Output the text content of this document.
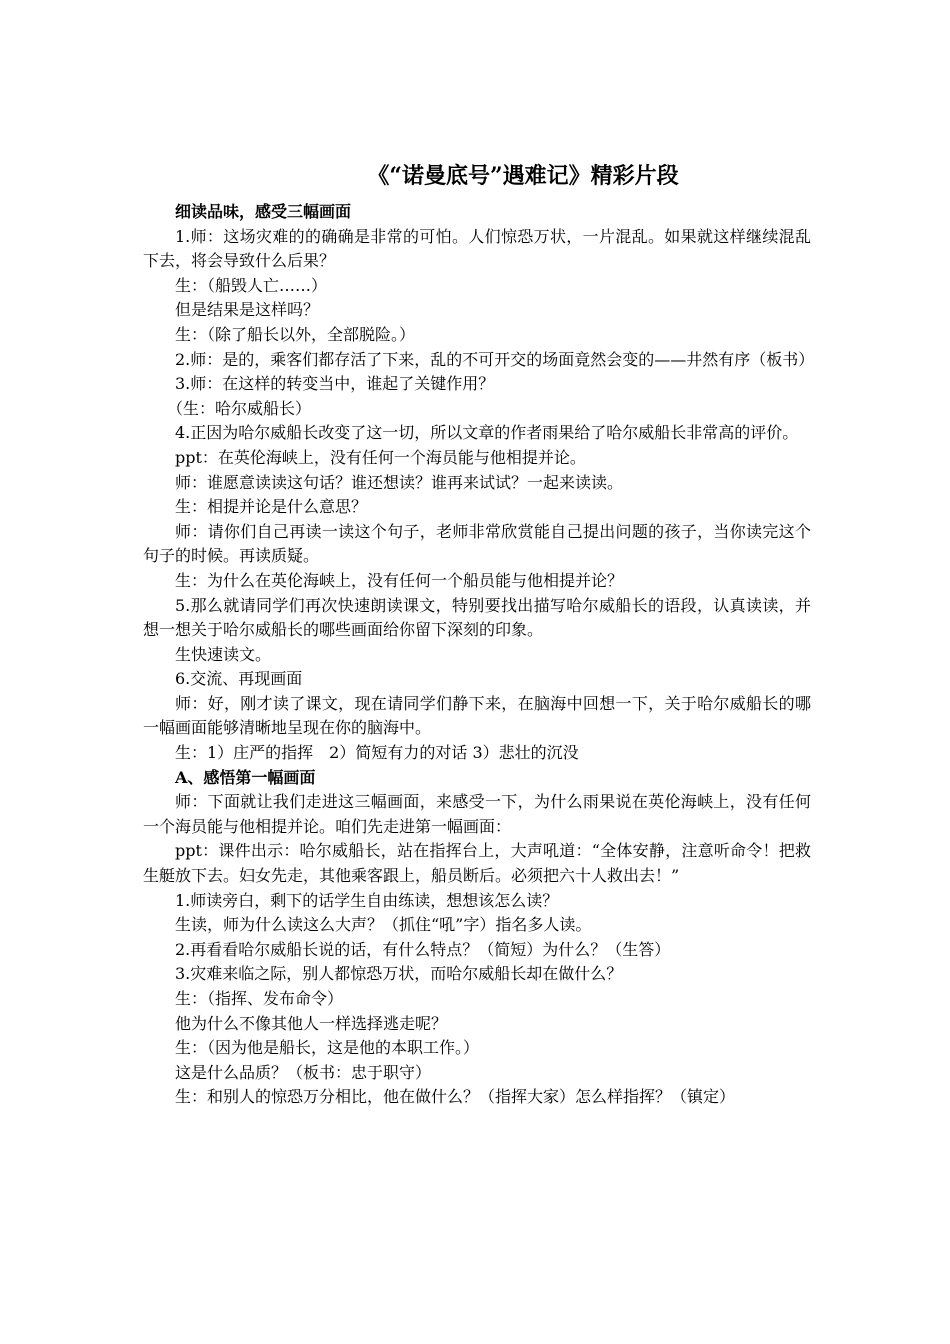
《“诺曼底号”遇难记》精彩片段

细读品味，感受三幅画面

1.师：这场灾难的的确确是非常的可怕。人们惊恐万状，一片混乱。如果就这样继续混乱下去，将会导致什么后果？

生：（船毁人亡……）

但是结果是这样吗？

生：（除了船长以外，全部脱险。）

2.师：是的，乘客们都存活了下来，乱的不可开交的场面竟然会变的——井然有序（板书）

3.师：在这样的转变当中，谁起了关键作用？

（生：哈尔威船长）

4.正因为哈尔威船长改变了这一切，所以文章的作者雨果给了哈尔威船长非常高的评价。

ppt：在英伦海峡上，没有任何一个海员能与他相提并论。

师：谁愿意读读这句话？谁还想读？谁再来试试？一起来读读。

生：相提并论是什么意思？

师：请你们自己再读一读这个句子，老师非常欣赏能自己提出问题的孩子，当你读完这个句子的时候。再读质疑。

生：为什么在英伦海峡上，没有任何一个船员能与他相提并论？

5.那么就请同学们再次快速朗读课文，特别要找出描写哈尔威船长的语段，认真读读，并想一想关于哈尔威船长的哪些画面给你留下深刻的印象。

生快速读文。

6.交流、再现画面

师：好，刚才读了课文，现在请同学们静下来，在脑海中回想一下，关于哈尔威船长的哪一幅画面能够清晰地呈现在你的脑海中。

生：1）庄严的指挥　2）简短有力的对话 3）悲壮的沉没

A、感悟第一幅画面

师：下面就让我们走进这三幅画面，来感受一下，为什么雨果说在英伦海峡上，没有任何一个海员能与他相提并论。咱们先走进第一幅画面：

ppt：课件出示：哈尔威船长，站在指挥台上，大声吼道：“全体安静，注意听命令！把救生艇放下去。妇女先走，其他乘客跟上，船员断后。必须把六十人救出去！”

1.师读旁白，剩下的话学生自由练读，想想该怎么读？

生读，师为什么读这么大声？（抓住“吼”字）指名多人读。

2.再看看哈尔威船长说的话，有什么特点？（简短）为什么？（生答）

3.灾难来临之际，别人都惊恐万状，而哈尔威船长却在做什么？

生：（指挥、发布命令）

他为什么不像其他人一样选择逃走呢？

生：（因为他是船长，这是他的本职工作。）

这是什么品质？（板书：忠于职守）

生：和别人的惊恐万分相比，他在做什么？（指挥大家）怎么样指挥？（镇定）
